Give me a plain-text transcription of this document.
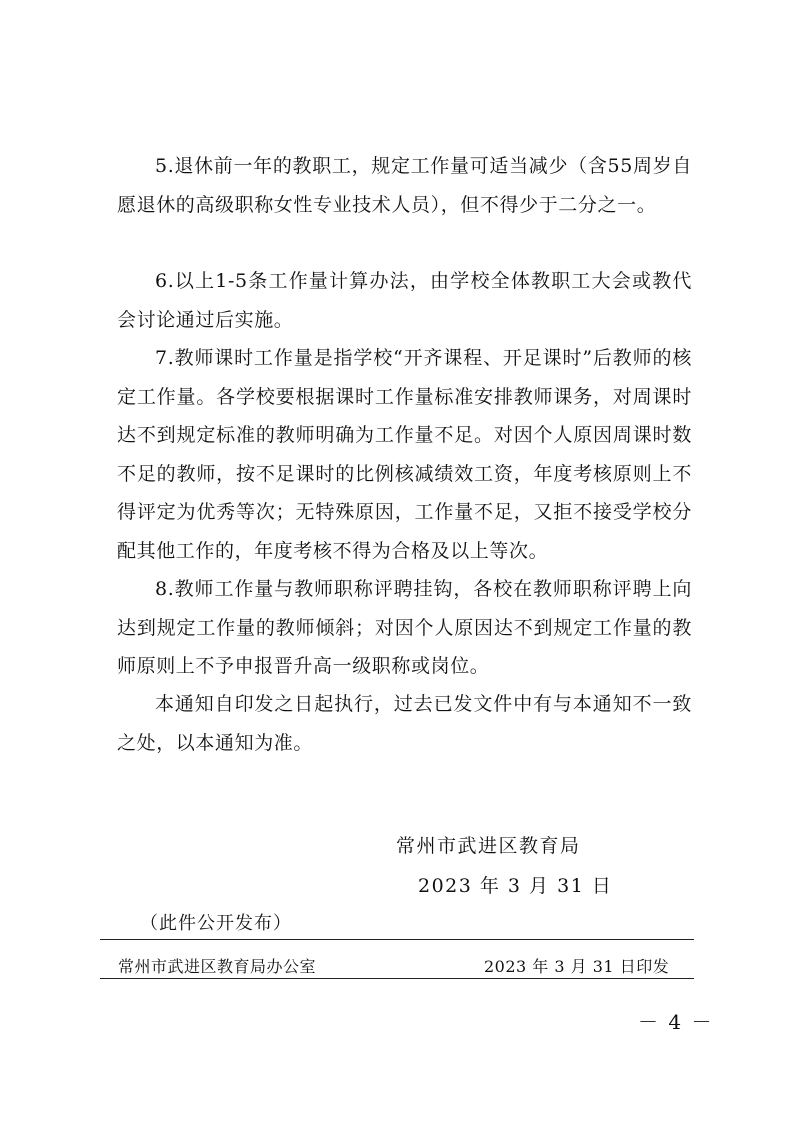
5.退休前一年的教职工，规定工作量可适当减少（含55周岁自愿退休的高级职称女性专业技术人员），但不得少于二分之一。

6.以上1-5条工作量计算办法，由学校全体教职工大会或教代会讨论通过后实施。

7.教师课时工作量是指学校“开齐课程、开足课时”后教师的核定工作量。各学校要根据课时工作量标准安排教师课务，对周课时达不到规定标准的教师明确为工作量不足。对因个人原因周课时数不足的教师，按不足课时的比例核减绩效工资，年度考核原则上不得评定为优秀等次；无特殊原因，工作量不足，又拒不接受学校分配其他工作的，年度考核不得为合格及以上等次。

8.教师工作量与教师职称评聘挂钩，各校在教师职称评聘上向达到规定工作量的教师倾斜；对因个人原因达不到规定工作量的教师原则上不予申报晋升高一级职称或岗位。

本通知自印发之日起执行，过去已发文件中有与本通知不一致之处，以本通知为准。

常州市武进区教育局
2023 年 3 月 31 日
（此件公开发布）
常州市武进区教育局办公室	2023 年 3 月 31 日印发
－ 4 －
